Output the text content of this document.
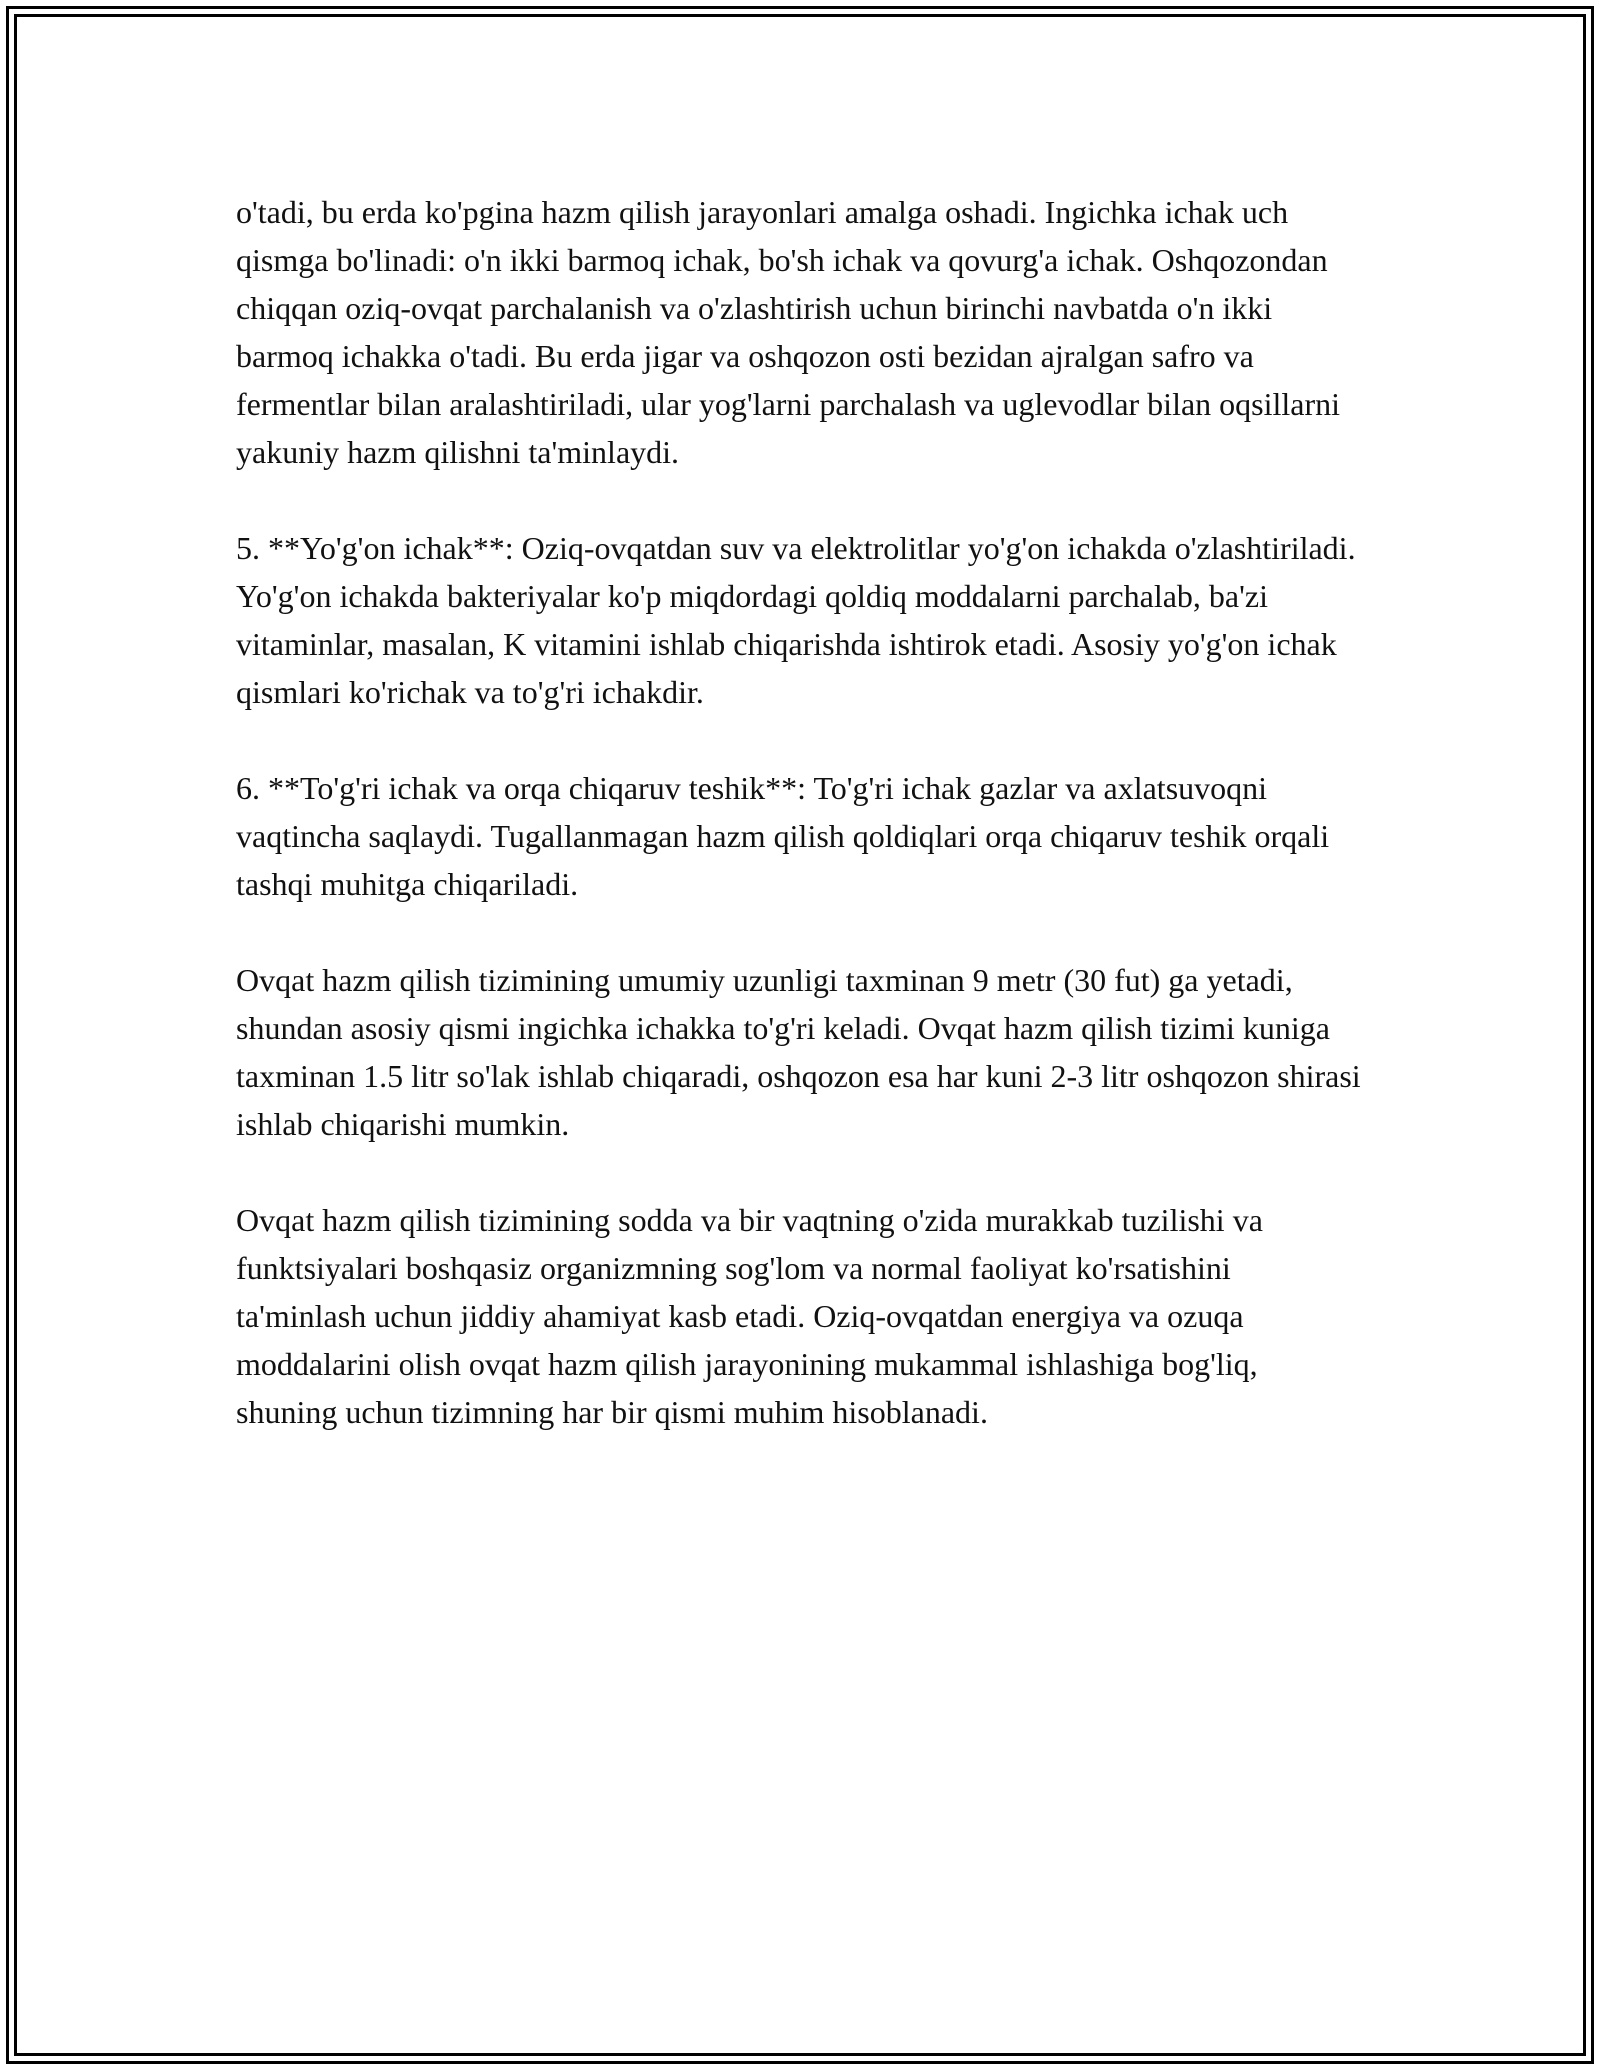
o'tadi, bu erda ko'pgina hazm qilish jarayonlari amalga oshadi. Ingichka ichak uch qismga bo'linadi: o'n ikki barmoq ichak, bo'sh ichak va qovurg'a ichak. Oshqozondan chiqqan oziq-ovqat parchalanish va o'zlashtirish uchun birinchi navbatda o'n ikki barmoq ichakka o'tadi. Bu erda jigar va oshqozon osti bezidan ajralgan safro va fermentlar bilan aralashtiriladi, ular yog'larni parchalash va uglevodlar bilan oqsillarni yakuniy hazm qilishni ta'minlaydi.

5. **Yo'g'on ichak**: Oziq-ovqatdan suv va elektrolitlar yo'g'on ichakda o'zlashtiriladi. Yo'g'on ichakda bakteriyalar ko'p miqdordagi qoldiq moddalarni parchalab, ba'zi vitaminlar, masalan, K vitamini ishlab chiqarishda ishtirok etadi. Asosiy yo'g'on ichak qismlari ko'richak va to'g'ri ichakdir.

6. **To'g'ri ichak va orqa chiqaruv teshik**: To'g'ri ichak gazlar va axlatsuvoqni vaqtincha saqlaydi. Tugallanmagan hazm qilish qoldiqlari orqa chiqaruv teshik orqali tashqi muhitga chiqariladi.

Ovqat hazm qilish tizimining umumiy uzunligi taxminan 9 metr (30 fut) ga yetadi, shundan asosiy qismi ingichka ichakka to'g'ri keladi. Ovqat hazm qilish tizimi kuniga taxminan 1.5 litr so'lak ishlab chiqaradi, oshqozon esa har kuni 2-3 litr oshqozon shirasi ishlab chiqarishi mumkin.

Ovqat hazm qilish tizimining sodda va bir vaqtning o'zida murakkab tuzilishi va funktsiyalari boshqasiz organizmning sog'lom va normal faoliyat ko'rsatishini ta'minlash uchun jiddiy ahamiyat kasb etadi. Oziq-ovqatdan energiya va ozuqa moddalarini olish ovqat hazm qilish jarayonining mukammal ishlashiga bog'liq, shuning uchun tizimning har bir qismi muhim hisoblanadi.
